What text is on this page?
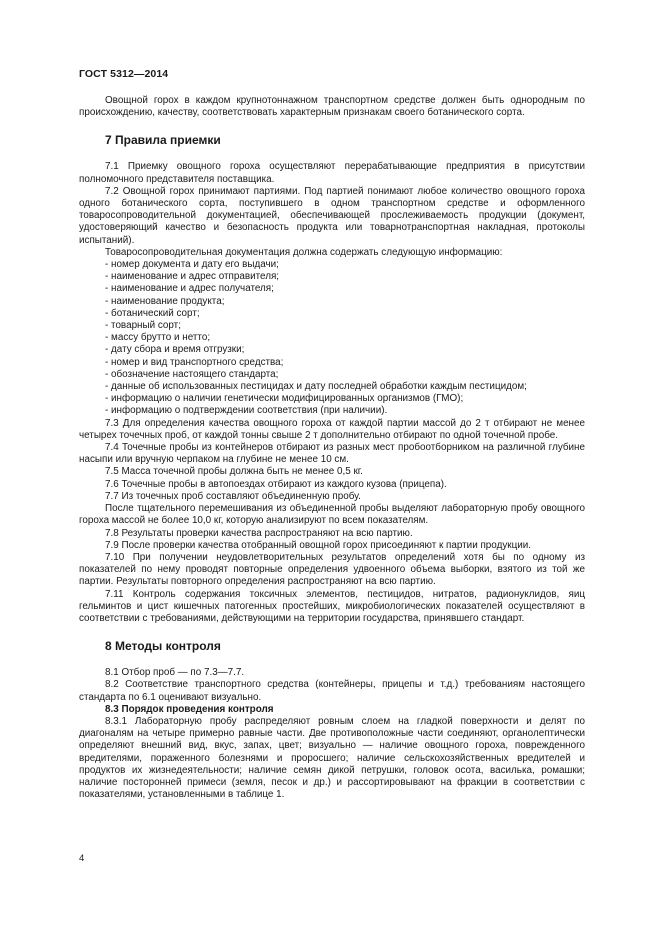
ГОСТ 5312—2014

Овощной горох в каждом крупнотоннажном транспортном средстве должен быть однородным по происхождению, качеству, соответствовать характерным признакам своего ботанического сорта.

7 Правила приемки

7.1 Приемку овощного гороха осуществляют перерабатывающие предприятия в присутствии полномочного представителя поставщика.

7.2 Овощной горох принимают партиями. Под партией понимают любое количество овощного гороха одного ботанического сорта, поступившего в одном транспортном средстве и оформленного товаросопроводительной документацией, обеспечивающей прослеживаемость продукции (документ, удостоверяющий качество и безопасность продукта или товарнотранспортная накладная, протоколы испытаний).

Товаросопроводительная документация должна содержать следующую информацию:

- номер документа и дату его выдачи;

- наименование и адрес отправителя;

- наименование и адрес получателя;

- наименование продукта;

- ботанический сорт;

- товарный сорт;

- массу брутто и нетто;

- дату сбора и время отгрузки;

- номер и вид транспортного средства;

- обозначение настоящего стандарта;

- данные об использованных пестицидах и дату последней обработки каждым пестицидом;

- информацию о наличии генетически модифицированных организмов (ГМО);

- информацию о подтверждении соответствия (при наличии).

7.3 Для определения качества овощного гороха от каждой партии массой до 2 т отбирают не менее четырех точечных проб, от каждой тонны свыше 2 т дополнительно отбирают по одной точечной пробе.

7.4 Точечные пробы из контейнеров отбирают из разных мест пробоотборником на различной глубине насыпи или вручную черпаком на глубине не менее 10 см.

7.5 Масса точечной пробы должна быть не менее 0,5 кг.

7.6 Точечные пробы в автопоездах отбирают из каждого кузова (прицепа).

7.7 Из точечных проб составляют объединенную пробу.

После тщательного перемешивания из объединенной пробы выделяют лабораторную пробу овощного гороха массой не более 10,0 кг, которую анализируют по всем показателям.

7.8 Результаты проверки качества распространяют на всю партию.

7.9 После проверки качества отобранный овощной горох присоединяют к партии продукции.

7.10 При получении неудовлетворительных результатов определений хотя бы по одному из показателей по нему проводят повторные определения удвоенного объема выборки, взятого из той же партии. Результаты повторного определения распространяют на всю партию.

7.11 Контроль содержания токсичных элементов, пестицидов, нитратов, радионуклидов, яиц гельминтов и цист кишечных патогенных простейших, микробиологических показателей осуществляют в соответствии с требованиями, действующими на территории государства, принявшего стандарт.

8 Методы контроля

8.1 Отбор проб — по 7.3—7.7.

8.2 Соответствие транспортного средства (контейнеры, прицепы и т.д.) требованиям настоящего стандарта по 6.1 оценивают визуально.

8.3 Порядок проведения контроля

8.3.1 Лабораторную пробу распределяют ровным слоем на гладкой поверхности и делят по диагоналям на четыре примерно равные части. Две противоположные части соединяют, органолептически определяют внешний вид, вкус, запах, цвет; визуально — наличие овощного гороха, поврежденного вредителями, пораженного болезнями и проросшего; наличие сельскохозяйственных вредителей и продуктов их жизнедеятельности; наличие семян дикой петрушки, головок осота, василька, ромашки; наличие посторонней примеси (земля, песок и др.) и рассортировывают на фракции в соответствии с показателями, установленными в таблице 1.

4
